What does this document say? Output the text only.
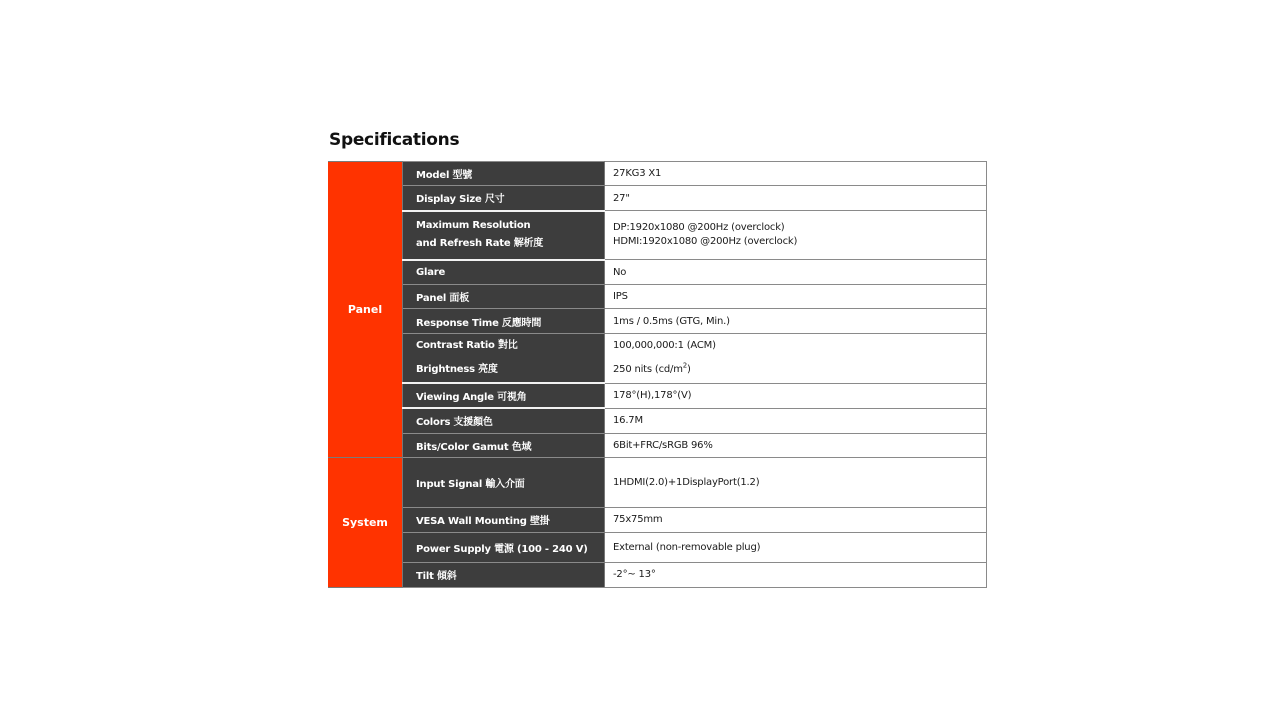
Specifications
Panel	Model 型號	27KG3 X1
	Display Size 尺寸	27"

	Maximum Resolution
and Refresh Rate 解析度	DP:1920x1080 @200Hz (overclock)
HDMI:1920x1080 @200Hz (overclock)

	Glare	No
	Panel 面板	IPS
	Response Time 反應時間	1ms / 0.5ms (GTG, Min.)

	Contrast Ratio 對比
Brightness 亮度	100,000,000:1 (ACM)
250 nits $(cd/m^2)$

	Viewing Angle 可視角	178°(H),178°(V)
	Colors 支援顏色	16.7M
	Bits/Color Gamut 色域	6Bit+FRC/sRGB 96%
System	Input Signal 輸入介面	1HDMI(2.0)+1DisplayPort(1.2)
	VESA Wall Mounting 壁掛	75x75mm
	Power Supply 電源 (100 - 240 V)	External (non-removable plug)
	Tilt 傾斜	-2°~ 13°
